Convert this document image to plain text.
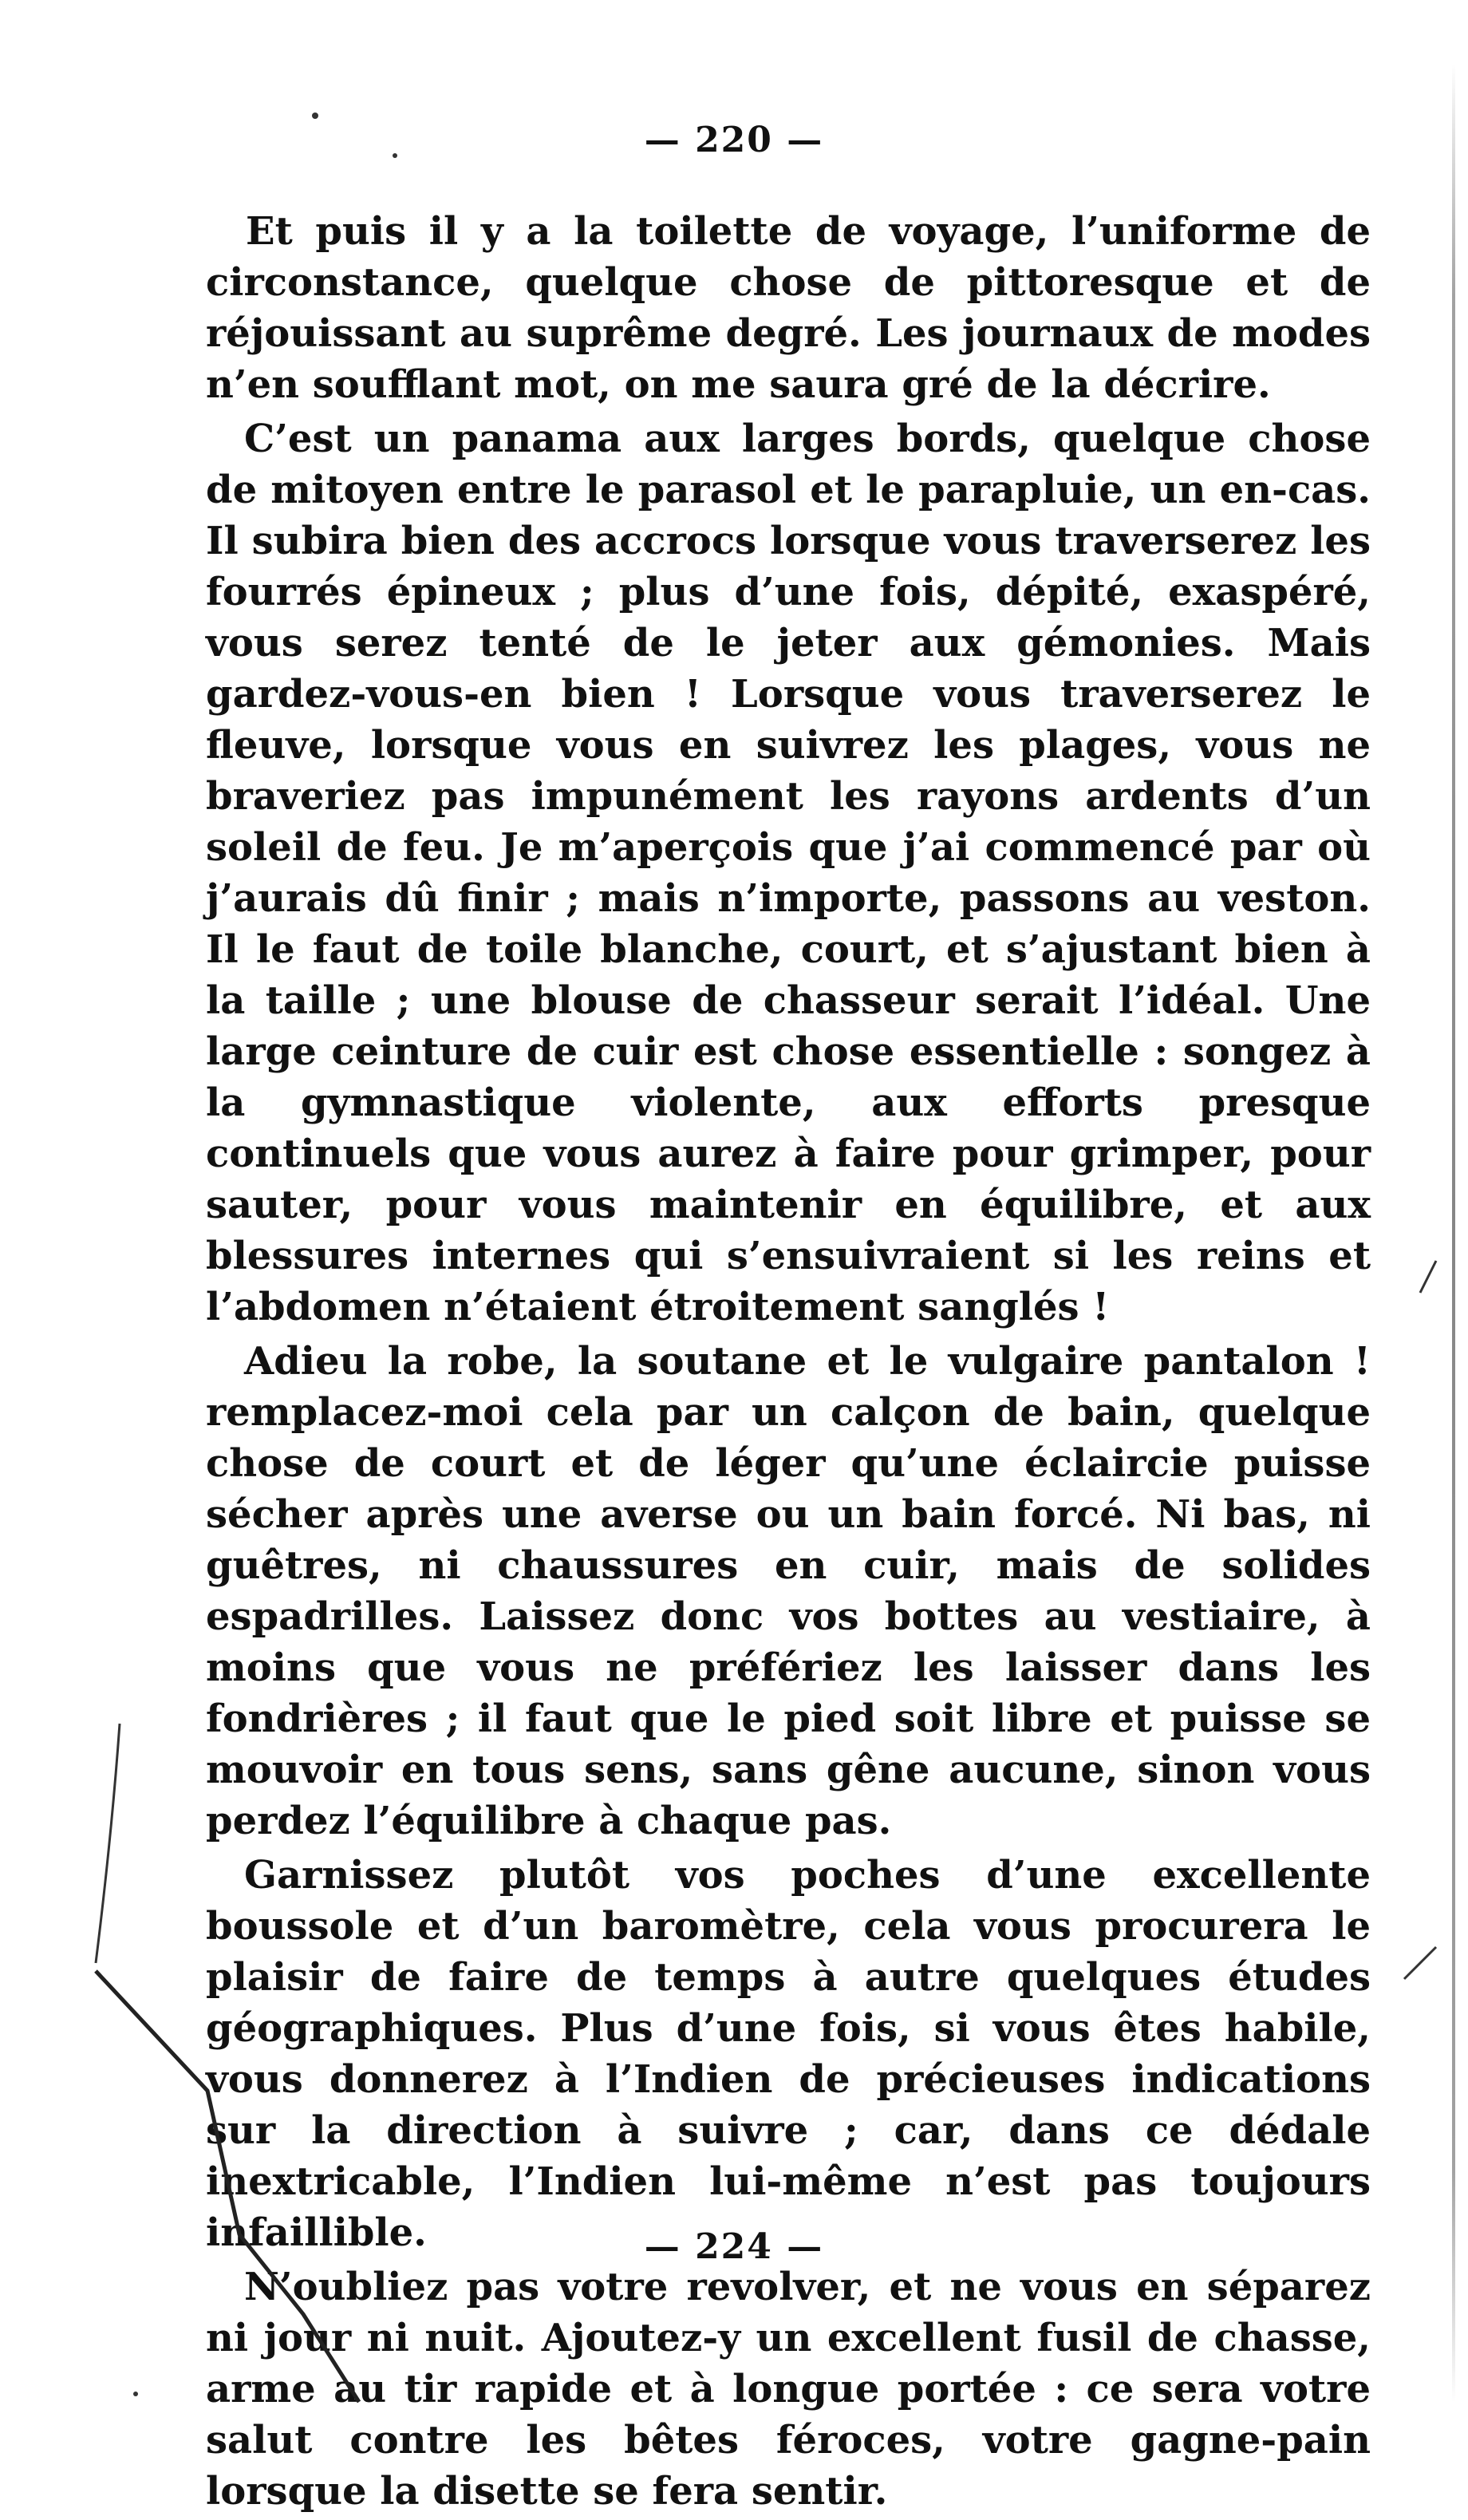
— 220 —

Et puis il y a la toilette de voyage, l’uniforme de circonstance, quelque chose de pittoresque et de réjouissant au suprême degré. Les journaux de modes n’en soufflant mot, on me saura gré de la décrire.

C’est un panama aux larges bords, quelque chose de mitoyen entre le parasol et le parapluie, un en-cas. Il subira bien des accrocs lorsque vous traverserez les fourrés épineux ; plus d’une fois, dépité, exaspéré, vous serez tenté de le jeter aux gémonies. Mais gardez-vous-en bien ! Lorsque vous traverserez le fleuve, lorsque vous en suivrez les plages, vous ne braveriez pas impunément les rayons ardents d’un soleil de feu. Je m’aperçois que j’ai commencé par où j’aurais dû finir ; mais n’importe, passons au veston. Il le faut de toile blanche, court, et s’ajustant bien à la taille ; une blouse de chasseur serait l’idéal. Une large ceinture de cuir est chose essentielle : songez à la gymnastique violente, aux efforts presque continuels que vous aurez à faire pour grimper, pour sauter, pour vous maintenir en équilibre, et aux blessures internes qui s’ensuivraient si les reins et l’abdomen n’étaient étroitement sanglés !

Adieu la robe, la soutane et le vulgaire pantalon ! remplacez-moi cela par un calçon de bain, quelque chose de court et de léger qu’une éclaircie puisse sécher après une averse ou un bain forcé. Ni bas, ni guêtres, ni chaussures en cuir, mais de solides espadrilles. Laissez donc vos bottes au vestiaire, à moins que vous ne préfériez les laisser dans les fondrières ; il faut que le pied soit libre et puisse se mouvoir en tous sens, sans gêne aucune, sinon vous perdez l’équilibre à chaque pas.

Garnissez plutôt vos poches d’une excellente boussole et d’un baromètre, cela vous procurera le plaisir de faire de temps à autre quelques études géographiques. Plus d’une fois, si vous êtes habile, vous donnerez à l’Indien de précieuses indications sur la direction à suivre ; car, dans ce dédale inextricable, l’Indien lui-même n’est pas toujours infaillible.

N’oubliez pas votre revolver, et ne vous en séparez ni jour ni nuit. Ajoutez-y un excellent fusil de chasse, arme au tir rapide et à longue portée : ce sera votre salut contre les bêtes féroces, votre gagne-pain lorsque la disette se fera sentir.

— 224 —
